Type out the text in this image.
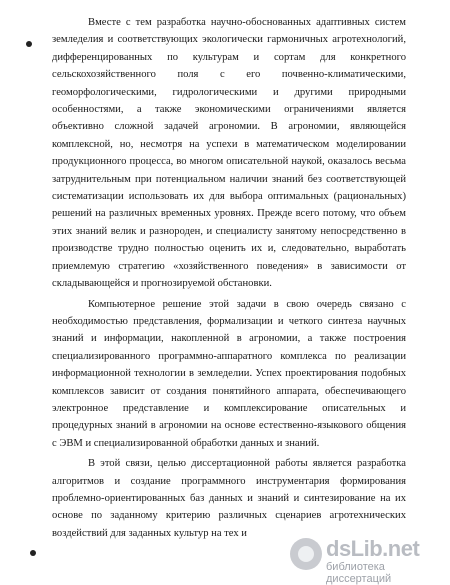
Вместе с тем разработка научно-обоснованных адаптивных систем земледелия и соответствующих экологически гармоничных агротехнологий, дифференцированных по культурам и сортам для конкретного сельскохозяйственного поля с его почвенно-климатическими, геоморфологическими, гидрологическими и другими природными особенностями, а также экономическими ограничениями является объективно сложной задачей агрономии. В агрономии, являющейся комплексной, но, несмотря на успехи в математическом моделировании продукционного процесса, во многом описательной наукой, оказалось весьма затруднительным при потенциальном наличии знаний без соответствующей систематизации использовать их для выбора оптимальных (рациональных) решений на различных временных уровнях. Прежде всего потому, что объем этих знаний велик и разнороден, и специалисту занятому непосредственно в производстве трудно полностью оценить их и, следовательно, выработать приемлемую стратегию «хозяйственного поведения» в зависимости от складывающейся и прогнозируемой обстановки.

Компьютерное решение этой задачи в свою очередь связано с необходимостью представления, формализации и четкого синтеза научных знаний и информации, накопленной в агрономии, а также построения специализированного программно-аппаратного комплекса по реализации информационной технологии в земледелии. Успех проектирования подобных комплексов зависит от создания понятийного аппарата, обеспечивающего электронное представление и комплексирование описательных и процедурных знаний в агрономии на основе естественно-языкового общения с ЭВМ и специализированной обработки данных и знаний.

В этой связи, целью диссертационной работы является разработка алгоритмов и создание программного инструментария формирования проблемно-ориентированных баз данных и знаний и синтезирование на их основе по заданному критерию различных сценариев агротехнических воздействий для заданных культур на тех и

dsLib.net
библиотека диссертаций
